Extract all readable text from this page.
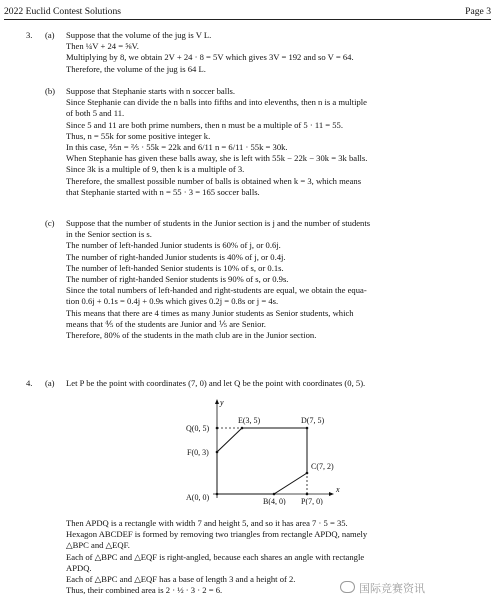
2022 Euclid Contest Solutions	Page 3
3. (a) Suppose that the volume of the jug is V L.
Then ¼V + 24 = ⅝V.
Multiplying by 8, we obtain 2V + 24 · 8 = 5V which gives 3V = 192 and so V = 64.
Therefore, the volume of the jug is 64 L.
(b) Suppose that Stephanie starts with n soccer balls.
Since Stephanie can divide the n balls into fifths and into elevenths, then n is a multiple
of both 5 and 11.
Since 5 and 11 are both prime numbers, then n must be a multiple of 5 · 11 = 55.
Thus, n = 55k for some positive integer k.
In this case, ⅖n = ⅖ · 55k = 22k and 6/11 n = 6/11 · 55k = 30k.
When Stephanie has given these balls away, she is left with 55k − 22k − 30k = 3k balls.
Since 3k is a multiple of 9, then k is a multiple of 3.
Therefore, the smallest possible number of balls is obtained when k = 3, which means
that Stephanie started with n = 55 · 3 = 165 soccer balls.
(c) Suppose that the number of students in the Junior section is j and the number of students
in the Senior section is s.
The number of left-handed Junior students is 60% of j, or 0.6j.
The number of right-handed Junior students is 40% of j, or 0.4j.
The number of left-handed Senior students is 10% of s, or 0.1s.
The number of right-handed Senior students is 90% of s, or 0.9s.
Since the total numbers of left-handed and right-students are equal, we obtain the equa-
tion 0.6j + 0.1s = 0.4j + 0.9s which gives 0.2j = 0.8s or j = 4s.
This means that there are 4 times as many Junior students as Senior students, which
means that ⅘ of the students are Junior and ⅕ are Senior.
Therefore, 80% of the students in the math club are in the Junior section.
4. (a) Let P be the point with coordinates (7, 0) and let Q be the point with coordinates (0, 5).
y
x
Q(0, 5)
E(3, 5)	D(7, 5)
F(0, 3)
C(7, 2)
A(0, 0)	B(4, 0) P(7, 0)
Then APDQ is a rectangle with width 7 and height 5, and so it has area 7 · 5 = 35.
Hexagon ABCDEF is formed by removing two triangles from rectangle APDQ, namely
△BPC and △EQF.
Each of △BPC and △EQF is right-angled, because each shares an angle with rectangle
APDQ.
Each of △BPC and △EQF has a base of length 3 and a height of 2.
Thus, their combined area is 2 · ½ · 3 · 2 = 6.	国际竞赛资讯
